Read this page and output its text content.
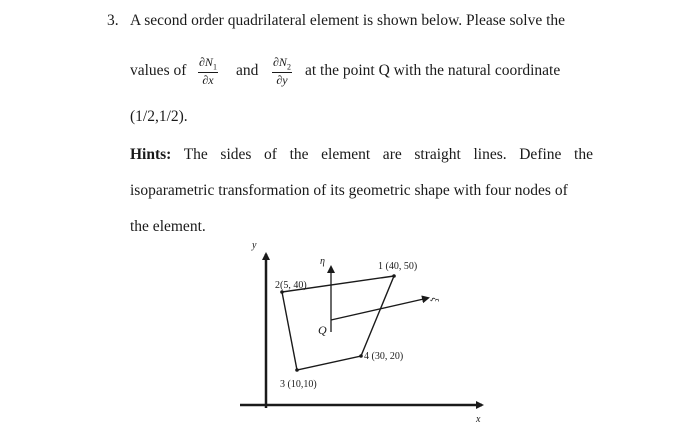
3. A second order quadrilateral element is shown below. Please solve the
values of $\frac{\partial N_1}{\partial x}$ and $\frac{\partial N_2}{\partial y}$ at the point Q with the natural coordinate
(1/2,1/2).
Hints: The sides of the element are straight lines. Define the
isoparametric transformation of its geometric shape with four nodes of
the element.
y
x
η
ξ
Q
1 (40, 50)
2(5, 40)
3 (10,10)
4 (30, 20)
